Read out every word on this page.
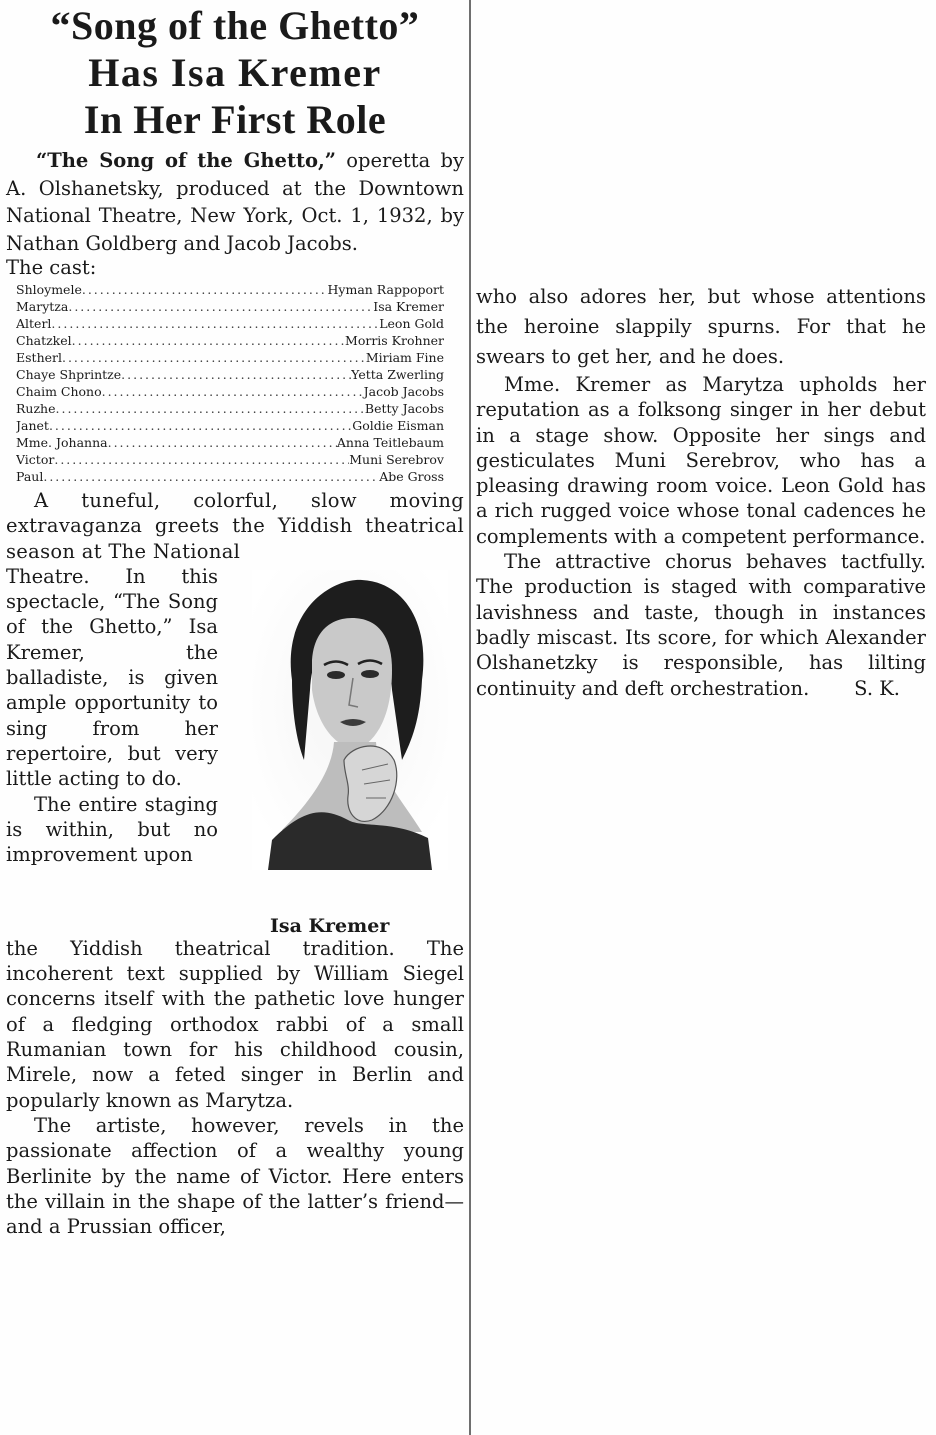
“Song of the Ghetto”
Has Isa Kremer
In Her First Role
“The Song of the Ghetto,” operetta by A. Olshanetsky, produced at the Downtown National Theatre, New York, Oct. 1, 1932, by Nathan Goldberg and Jacob Jacobs.
The cast:
Shloymele .....	Hyman Rappoport
Marytza .....	Isa Kremer
Alterl .....	Leon Gold
Chatzkel .....	Morris Krohner
Estherl .....	Miriam Fine
Chaye Shprintze .....	Yetta Zwerling
Chaim Chono .....	Jacob Jacobs
Ruzhe .....	Betty Jacobs
Janet .....	Goldie Eisman
Mme. Johanna .....	Anna Teitlebaum
Victor .....	Muni Serebrov
Paul .....	Abe Gross

A tuneful, colorful, slow moving extravaganza greets the Yiddish theatrical season at The National

Theatre. In this spectacle, “The Song of the Ghetto,” Isa Kremer, the balladiste, is given ample opportunity to sing from her repertoire, but very little acting to do.

The entire staging is within, but no improvement upon

Isa Kremer

the Yiddish theatrical tradition. The incoherent text supplied by William Siegel concerns itself with the pathetic love hunger of a fledging orthodox rabbi of a small Rumanian town for his childhood cousin, Mirele, now a feted singer in Berlin and popularly known as Marytza.

The artiste, however, revels in the passionate affection of a wealthy young Berlinite by the name of Victor. Here enters the villain in the shape of the latter’s friend—and a Prussian officer,

who also adores her, but whose attentions the heroine slappily spurns. For that he swears to get her, and he does.

Mme. Kremer as Marytza upholds her reputation as a folksong singer in her debut in a stage show. Opposite her sings and gesticulates Muni Serebrov, who has a pleasing drawing room voice. Leon Gold has a rich rugged voice whose tonal cadences he complements with a competent performance.

The attractive chorus behaves tactfully. The production is staged with comparative lavishness and taste, though in instances badly miscast. Its score, for which Alexander Olshanetzky is responsible, has lilting continuity and deft orchestration.	S. K.
